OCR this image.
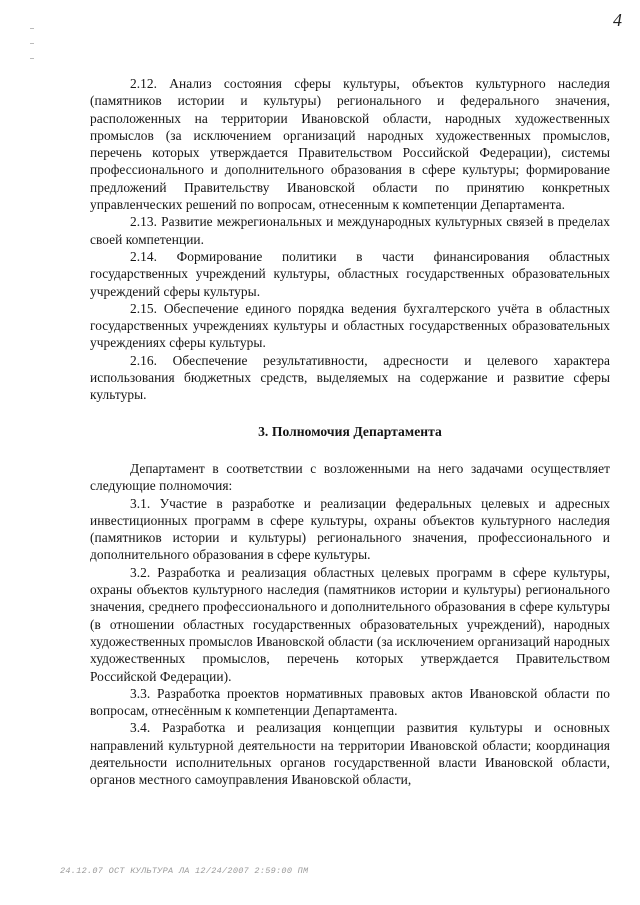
4

2.12. Анализ состояния сферы культуры, объектов культурного наследия (памятников истории и культуры) регионального и федерального значения, расположенных на территории Ивановской области, народных художественных промыслов (за исключением организаций народных художественных промыслов, перечень которых утверждается Правительством Российской Федерации), системы профессионального и дополнительного образования в сфере культуры; формирование предложений Правительству Ивановской области по принятию конкретных управленческих решений по вопросам, отнесенным к компетенции Департамента.

2.13. Развитие межрегиональных и международных культурных связей в пределах своей компетенции.

2.14. Формирование политики в части финансирования областных государственных учреждений культуры, областных государственных образовательных учреждений сферы культуры.

2.15. Обеспечение единого порядка ведения бухгалтерского учёта в областных государственных учреждениях культуры и областных государственных образовательных учреждениях сферы культуры.

2.16. Обеспечение результативности, адресности и целевого характера использования бюджетных средств, выделяемых на содержание и развитие сферы культуры.

3. Полномочия Департамента

Департамент в соответствии с возложенными на него задачами осуществляет следующие полномочия:

3.1. Участие в разработке и реализации федеральных целевых и адресных инвестиционных программ в сфере культуры, охраны объектов культурного наследия (памятников истории и культуры) регионального значения, профессионального и дополнительного образования в сфере культуры.

3.2. Разработка и реализация областных целевых программ в сфере культуры, охраны объектов культурного наследия (памятников истории и культуры) регионального значения, среднего профессионального и дополнительного образования в сфере культуры (в отношении областных государственных образовательных учреждений), народных художественных промыслов Ивановской области (за исключением организаций народных художественных промыслов, перечень которых утверждается Правительством Российской Федерации).

3.3. Разработка проектов нормативных правовых актов Ивановской области по вопросам, отнесённым к компетенции Департамента.

3.4. Разработка и реализация концепции развития культуры и основных направлений культурной деятельности на территории Ивановской области; координация деятельности исполнительных органов государственной власти Ивановской области, органов местного самоуправления Ивановской области,

24.12.07 ОСТ КУЛЬТУРА ЛА 12/24/2007 2:59:00 ПМ
